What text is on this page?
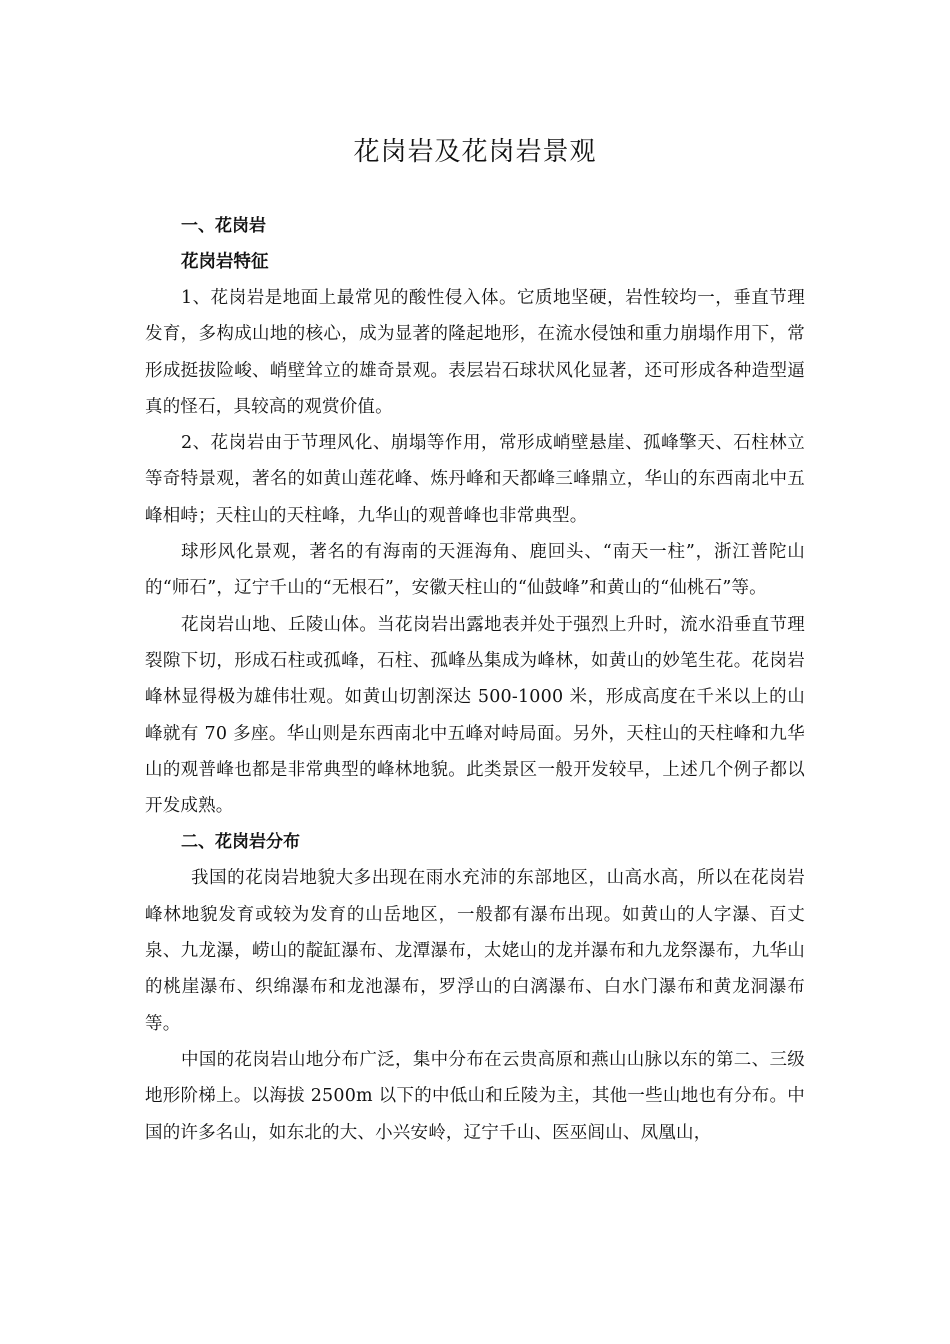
花岗岩及花岗岩景观
一、花岗岩
花岗岩特征

1、花岗岩是地面上最常见的酸性侵入体。它质地坚硬，岩性较均一，垂直节理发育，多构成山地的核心，成为显著的隆起地形，在流水侵蚀和重力崩塌作用下，常形成挺拔险峻、峭壁耸立的雄奇景观。表层岩石球状风化显著，还可形成各种造型逼真的怪石，具较高的观赏价值。

2、花岗岩由于节理风化、崩塌等作用，常形成峭壁悬崖、孤峰擎天、石柱林立等奇特景观，著名的如黄山莲花峰、炼丹峰和天都峰三峰鼎立，华山的东西南北中五峰相峙；天柱山的天柱峰，九华山的观普峰也非常典型。

球形风化景观，著名的有海南的天涯海角、鹿回头、“南天一柱”，浙江普陀山的“师石”，辽宁千山的“无根石”，安徽天柱山的“仙鼓峰”和黄山的“仙桃石”等。

花岗岩山地、丘陵山体。当花岗岩出露地表并处于强烈上升时，流水沿垂直节理裂隙下切，形成石柱或孤峰，石柱、孤峰丛集成为峰林，如黄山的妙笔生花。花岗岩峰林显得极为雄伟壮观。如黄山切割深达 500-1000 米，形成高度在千米以上的山峰就有 70 多座。华山则是东西南北中五峰对峙局面。另外，天柱山的天柱峰和九华山的观普峰也都是非常典型的峰林地貌。此类景区一般开发较早，上述几个例子都以开发成熟。

二、花岗岩分布

我国的花岗岩地貌大多出现在雨水充沛的东部地区，山高水高，所以在花岗岩峰林地貌发育或较为发育的山岳地区，一般都有瀑布出现。如黄山的人字瀑、百丈泉、九龙瀑，崂山的靛缸瀑布、龙潭瀑布，太姥山的龙并瀑布和九龙祭瀑布，九华山的桃崖瀑布、织绵瀑布和龙池瀑布，罗浮山的白漓瀑布、白水门瀑布和黄龙洞瀑布等。

中国的花岗岩山地分布广泛，集中分布在云贵高原和燕山山脉以东的第二、三级地形阶梯上。以海拔 2500m 以下的中低山和丘陵为主，其他一些山地也有分布。中国的许多名山，如东北的大、小兴安岭，辽宁千山、医巫闾山、凤凰山，
